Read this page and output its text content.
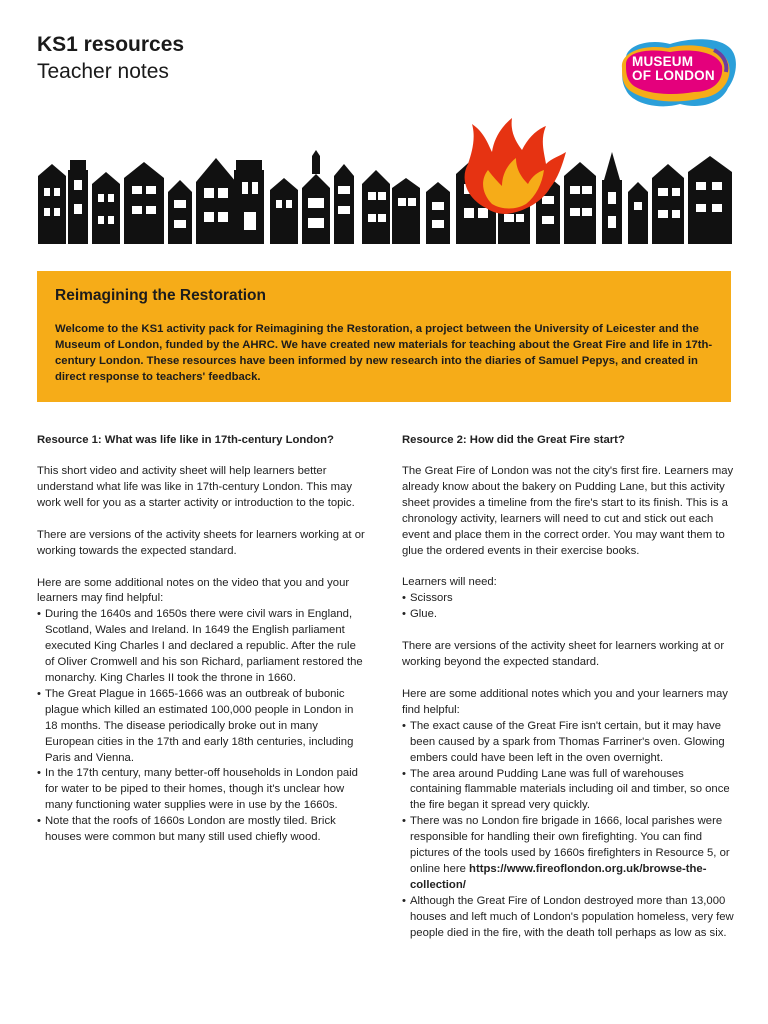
KS1 resources
Teacher notes	MUSEUM
OF LONDON
Reimagining the Restoration
Welcome to the KS1 activity pack for Reimagining the Restoration, a project between the University of Leicester and the Museum of London, funded by the AHRC. We have created new materials for teaching about the Great Fire and life in 17th-century London. These resources have been informed by new research into the diaries of Samuel Pepys, and created in direct response to teachers' feedback.
Resource 1: What was life like in 17th-century London?

This short video and activity sheet will help learners better understand what life was like in 17th-century London. This may work well for you as a starter activity or introduction to the topic.

There are versions of the activity sheets for learners working at or working towards the expected standard.

Here are some additional notes on the video that you and your learners may find helpful:

• During the 1640s and 1650s there were civil wars in England, Scotland, Wales and Ireland. In 1649 the English parliament executed King Charles I and declared a republic. After the rule of Oliver Cromwell and his son Richard, parliament restored the monarchy. King Charles II took the throne in 1660.
• The Great Plague in 1665-1666 was an outbreak of bubonic plague which killed an estimated 100,000 people in London in 18 months. The disease periodically broke out in many European cities in the 17th and early 18th centuries, including Paris and Vienna.
• In the 17th century, many better-off households in London paid for water to be piped to their homes, though it's unclear how many functioning water supplies were in use by the 1660s.
• Note that the roofs of 1660s London are mostly tiled. Brick houses were common but many still used chiefly wood.
Resource 2: How did the Great Fire start?

The Great Fire of London was not the city's first fire. Learners may already know about the bakery on Pudding Lane, but this activity sheet provides a timeline from the fire's start to its finish. This is a chronology activity, learners will need to cut and stick out each event and place them in the correct order. You may want them to glue the ordered events in their exercise books.

Learners will need:

• Scissors
• Glue.

There are versions of the activity sheet for learners working at or working beyond the expected standard.

Here are some additional notes which you and your learners may find helpful:

• The exact cause of the Great Fire isn't certain, but it may have been caused by a spark from Thomas Farriner's oven. Glowing embers could have been left in the oven overnight.
• The area around Pudding Lane was full of warehouses containing flammable materials including oil and timber, so once the fire began it spread very quickly.
• There was no London fire brigade in 1666, local parishes were responsible for handling their own firefighting. You can find pictures of the tools used by 1660s firefighters in Resource 5, or online here https://www.fireoflondon.org.uk/browse-the-collection/
• Although the Great Fire of London destroyed more than 13,000 houses and left much of London's population homeless, very few people died in the fire, with the death toll perhaps as low as six.
